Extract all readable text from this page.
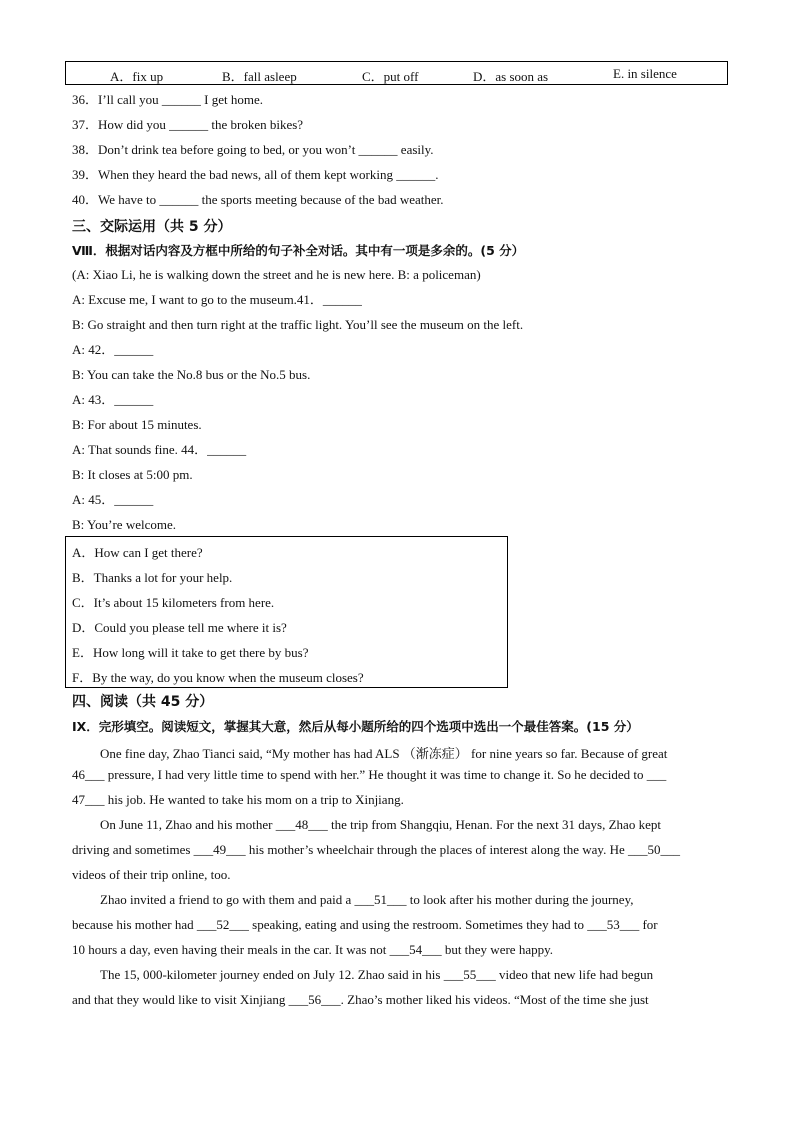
A．fix up	B．fall asleep	C．put off	D．as soon as	E. in silence
36．I’ll call you ______ I get home.
37．How did you ______ the broken bikes?
38．Don’t drink tea before going to bed, or you won’t ______ easily.
39．When they heard the bad news, all of them kept working ______.
40．We have to ______ the sports meeting because of the bad weather.
三、交际运用（共 5 分）
Ⅷ．根据对话内容及方框中所给的句子补全对话。其中有一项是多余的。(5 分）
(A: Xiao Li, he is walking down the street and he is new here. B: a policeman)
A: Excuse me, I want to go to the museum.41．______
B: Go straight and then turn right at the traffic light. You’ll see the museum on the left.
A: 42．______
B: You can take the No.8 bus or the No.5 bus.
A: 43．______
B: For about 15 minutes.
A: That sounds fine. 44．______
B: It closes at 5:00 pm.
A: 45．______
B: You’re welcome.
A．How can I get there?
B．Thanks a lot for your help.
C．It’s about 15 kilometers from here.
D．Could you please tell me where it is?
E．How long will it take to get there by bus?
F．By the way, do you know when the museum closes?
四、阅读（共 45 分）
IX．完形填空。阅读短文，掌握其大意，然后从每小题所给的四个选项中选出一个最佳答案。(15 分）
One fine day, Zhao Tianci said, “My mother has had ALS （渐冻症） for nine years so far. Because of great
46___ pressure, I had very little time to spend with her.” He thought it was time to change it. So he decided to ___
47___ his job. He wanted to take his mom on a trip to Xinjiang.
On June 11, Zhao and his mother ___48___ the trip from Shangqiu, Henan. For the next 31 days, Zhao kept
driving and sometimes ___49___ his mother’s wheelchair through the places of interest along the way. He ___50___
videos of their trip online, too.
Zhao invited a friend to go with them and paid a ___51___ to look after his mother during the journey,
because his mother had ___52___ speaking, eating and using the restroom. Sometimes they had to ___53___ for
10 hours a day, even having their meals in the car. It was not ___54___ but they were happy.
The 15, 000-kilometer journey ended on July 12. Zhao said in his ___55___ video that new life had begun
and that they would like to visit Xinjiang ___56___. Zhao’s mother liked his videos. “Most of the time she just
